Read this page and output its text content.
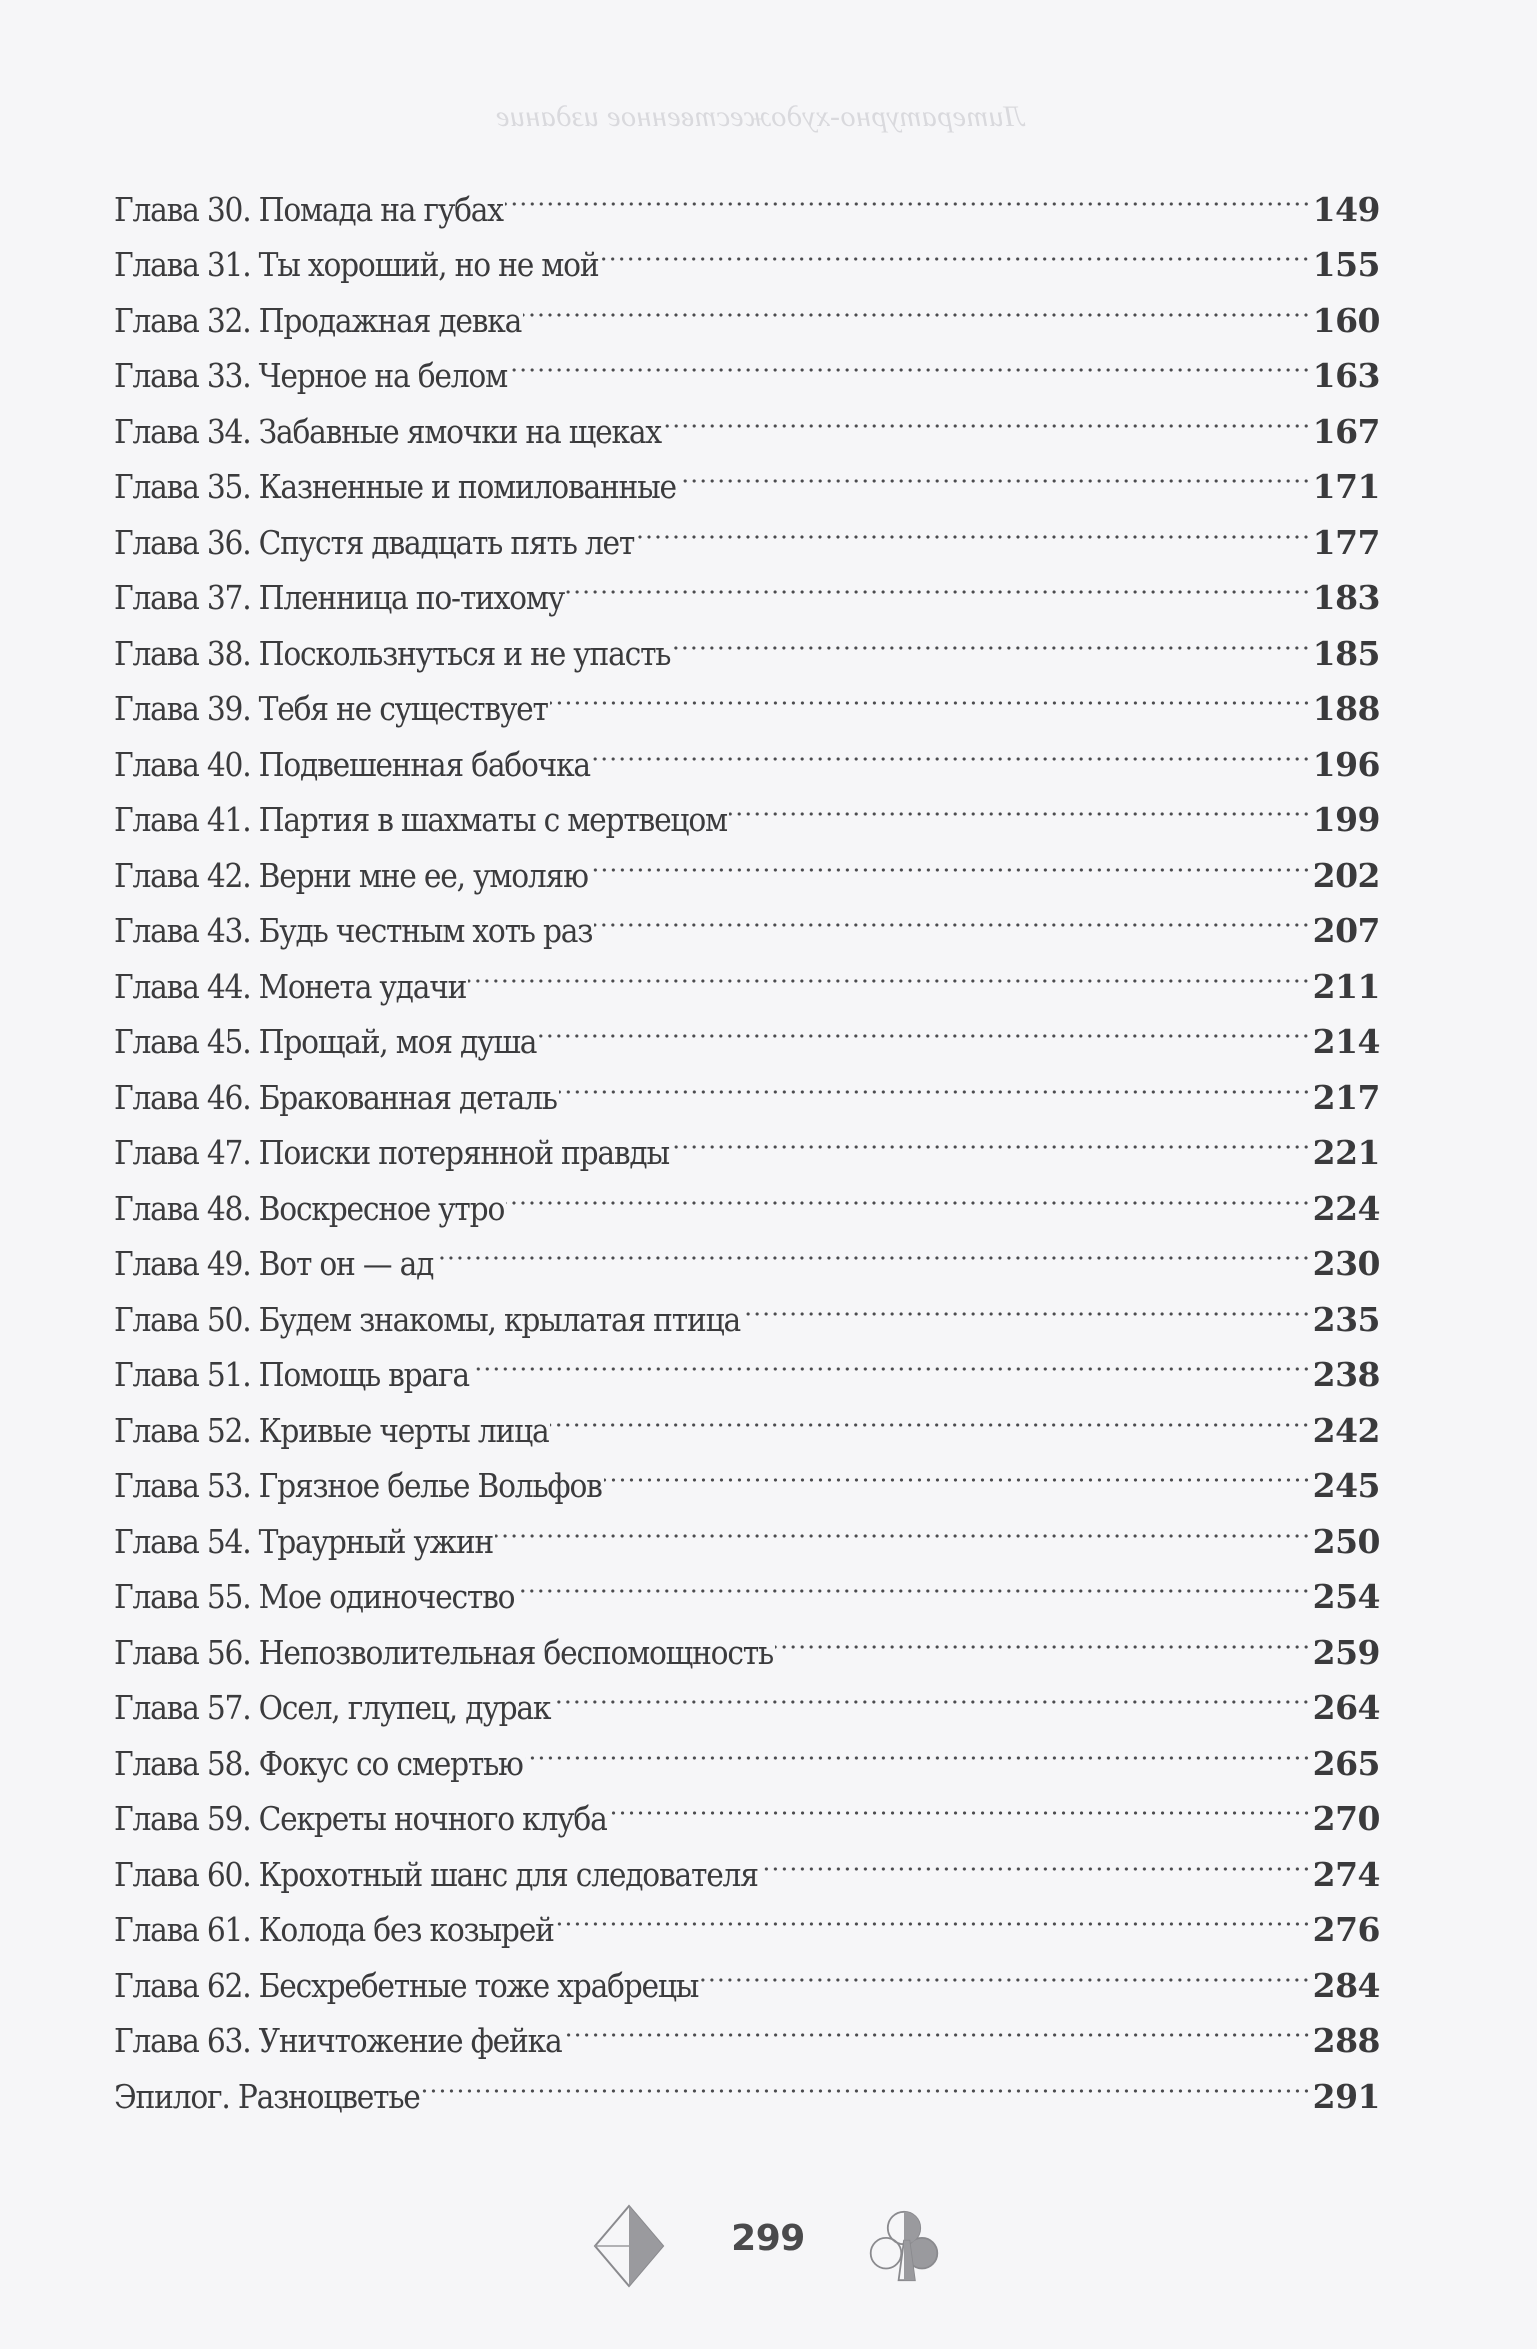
Литературно-художественное издание
Глава 30. Помада на губах	149
Глава 31. Ты хороший, но не мой	155
Глава 32. Продажная девка	160
Глава 33. Черное на белом	163
Глава 34. Забавные ямочки на щеках	167
Глава 35. Казненные и помилованные	171
Глава 36. Спустя двадцать пять лет	177
Глава 37. Пленница по-тихому	183
Глава 38. Поскользнуться и не упасть	185
Глава 39. Тебя не существует	188
Глава 40. Подвешенная бабочка	196
Глава 41. Партия в шахматы с мертвецом	199
Глава 42. Верни мне ее, умоляю	202
Глава 43. Будь честным хоть раз	207
Глава 44. Монета удачи	211
Глава 45. Прощай, моя душа	214
Глава 46. Бракованная деталь	217
Глава 47. Поиски потерянной правды	221
Глава 48. Воскресное утро	224
Глава 49. Вот он — ад	230
Глава 50. Будем знакомы, крылатая птица	235
Глава 51. Помощь врага	238
Глава 52. Кривые черты лица	242
Глава 53. Грязное белье Вольфов	245
Глава 54. Траурный ужин	250
Глава 55. Мое одиночество	254
Глава 56. Непозволительная беспомощность	259
Глава 57. Осел, глупец, дурак	264
Глава 58. Фокус со смертью	265
Глава 59. Секреты ночного клуба	270
Глава 60. Крохотный шанс для следователя	274
Глава 61. Колода без козырей	276
Глава 62. Бесхребетные тоже храбрецы	284
Глава 63. Уничтожение фейка	288
Эпилог. Разноцветье	291
299
